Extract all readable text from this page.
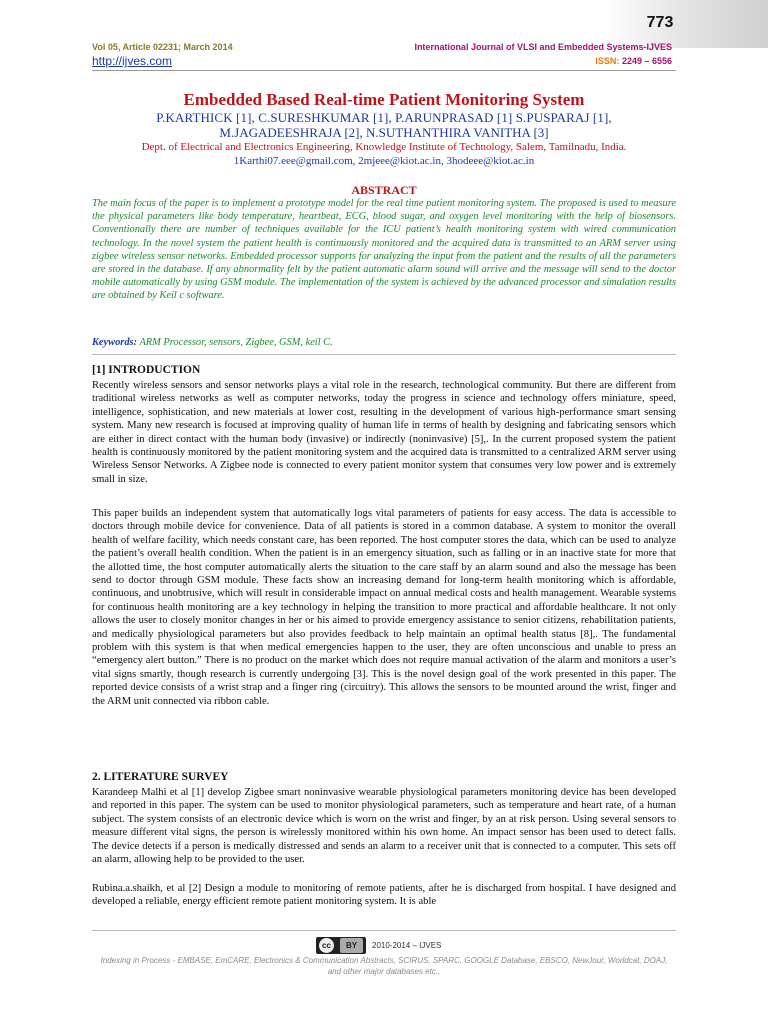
773
Vol 05, Article 02231; March 2014
http://ijves.com
International Journal of VLSI and Embedded Systems-IJVES
ISSN: 2249 – 6556
Embedded Based Real-time Patient Monitoring System
P.KARTHICK [1], C.SURESHKUMAR [1], P.ARUNPRASAD [1] S.PUSPARAJ [1],
M.JAGADEESHRAJA [2], N.SUTHANTHIRA VANITHA [3]
Dept. of Electrical and Electronics Engineering, Knowledge Institute of Technology, Salem, Tamilnadu, India.
1Karthi07.eee@gmail.com, 2mjeee@kiot.ac.in, 3hodeee@kiot.ac.in
ABSTRACT
The main focus of the paper is to implement a prototype model for the real time patient monitoring system. The proposed is used to measure the physical parameters like body temperature, heartbeat, ECG, blood sugar, and oxygen level monitoring with the help of biosensors. Conventionally there are number of techniques available for the ICU patient’s health monitoring system with wired communication technology. In the novel system the patient health is continuously monitored and the acquired data is transmitted to an ARM server using zigbee wireless sensor networks. Embedded processor supports for analyzing the input from the patient and the results of all the parameters are stored in the database. If any abnormality felt by the patient automatic alarm sound will arrive and the message will send to the doctor mobile automatically by using GSM module. The implementation of the system is achieved by the advanced processor and simulation results are obtained by Keil c software.
Keywords: ARM Processor, sensors, Zigbee, GSM, keil C.
[1] INTRODUCTION
Recently wireless sensors and sensor networks plays a vital role in the research, technological community. But there are different from traditional wireless networks as well as computer networks, today the progress in science and technology offers miniature, speed, intelligence, sophistication, and new materials at lower cost, resulting in the development of various high-performance smart sensing system. Many new research is focused at improving quality of human life in terms of health by designing and fabricating sensors which are either in direct contact with the human body (invasive) or indirectly (noninvasive) [5],. In the current proposed system the patient health is continuously monitored by the patient monitoring system and the acquired data is transmitted to a centralized ARM server using Wireless Sensor Networks. A Zigbee node is connected to every patient monitor system that consumes very low power and is extremely small in size.
This paper builds an independent system that automatically logs vital parameters of patients for easy access. The data is accessible to doctors through mobile device for convenience. Data of all patients is stored in a common database. A system to monitor the overall health of welfare facility, which needs constant care, has been reported. The host computer stores the data, which can be used to analyze the patient’s overall health condition. When the patient is in an emergency situation, such as falling or in an inactive state for more that the allotted time, the host computer automatically alerts the situation to the care staff by an alarm sound and also the message has been send to doctor through GSM module. These facts show an increasing demand for long-term health monitoring which is affordable, continuous, and unobtrusive, which will result in considerable impact on annual medical costs and health management. Wearable systems for continuous health monitoring are a key technology in helping the transition to more practical and affordable healthcare. It not only allows the user to closely monitor changes in her or his aimed to provide emergency assistance to senior citizens, rehabilitation patients, and medically physiological parameters but also provides feedback to help maintain an optimal health status [8],. The fundamental problem with this system is that when medical emergencies happen to the user, they are often unconscious and unable to press an “emergency alert button.” There is no product on the market which does not require manual activation of the alarm and monitors a user’s vital signs smartly, though research is currently undergoing [3]. This is the novel design goal of the work presented in this paper. The reported device consists of a wrist strap and a finger ring (circuitry). This allows the sensors to be mounted around the wrist, finger and the ARM unit connected via ribbon cable.
2. LITERATURE SURVEY
Karandeep Malhi et al [1] develop Zigbee smart noninvasive wearable physiological parameters monitoring device has been developed and reported in this paper. The system can be used to monitor physiological parameters, such as temperature and heart rate, of a human subject. The system consists of an electronic device which is worn on the wrist and finger, by an at risk person. Using several sensors to measure different vital signs, the person is wirelessly monitored within his own home. An impact sensor has been used to detect falls. The device detects if a person is medically distressed and sends an alarm to a receiver unit that is connected to a computer. This sets off an alarm, allowing help to be provided to the user.
Rubina.a.shaikh, et al [2] Design a module to monitoring of remote patients, after he is discharged from hospital. I have designed and developed a reliable, energy efficient remote patient monitoring system. It is able
cc	BY	2010-2014 – IJVES
Indexing in Process - EMBASE, EmCARE, Electronics & Communication Abstracts, SCIRUS, SPARC, GOOGLE Database, EBSCO, NewJour, Worldcat, DOAJ, and other major databases etc.,
